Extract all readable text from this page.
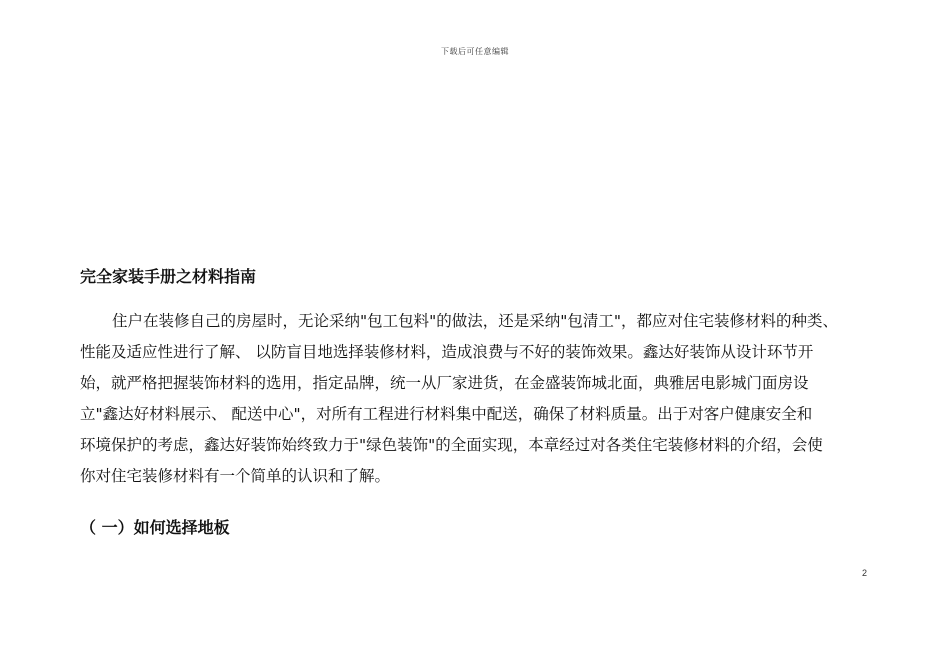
下载后可任意编辑
完全家装手册之材料指南
住户在装修自己的房屋时，无论采纳"包工包料"的做法，还是采纳"包清工"，都应对住宅装修材料的种类、
性能及适应性进行了解、 以防盲目地选择装修材料，造成浪费与不好的装饰效果。鑫达好装饰从设计环节开
始，就严格把握装饰材料的选用，指定品牌，统一从厂家进货，在金盛装饰城北面，典雅居电影城门面房设
立"鑫达好材料展示、 配送中心"，对所有工程进行材料集中配送，确保了材料质量。出于对客户健康安全和
环境保护的考虑，鑫达好装饰始终致力于"绿色装饰"的全面实现，本章经过对各类住宅装修材料的介绍，会使
你对住宅装修材料有一个简单的认识和了解。
（ 一）如何选择地板
2
